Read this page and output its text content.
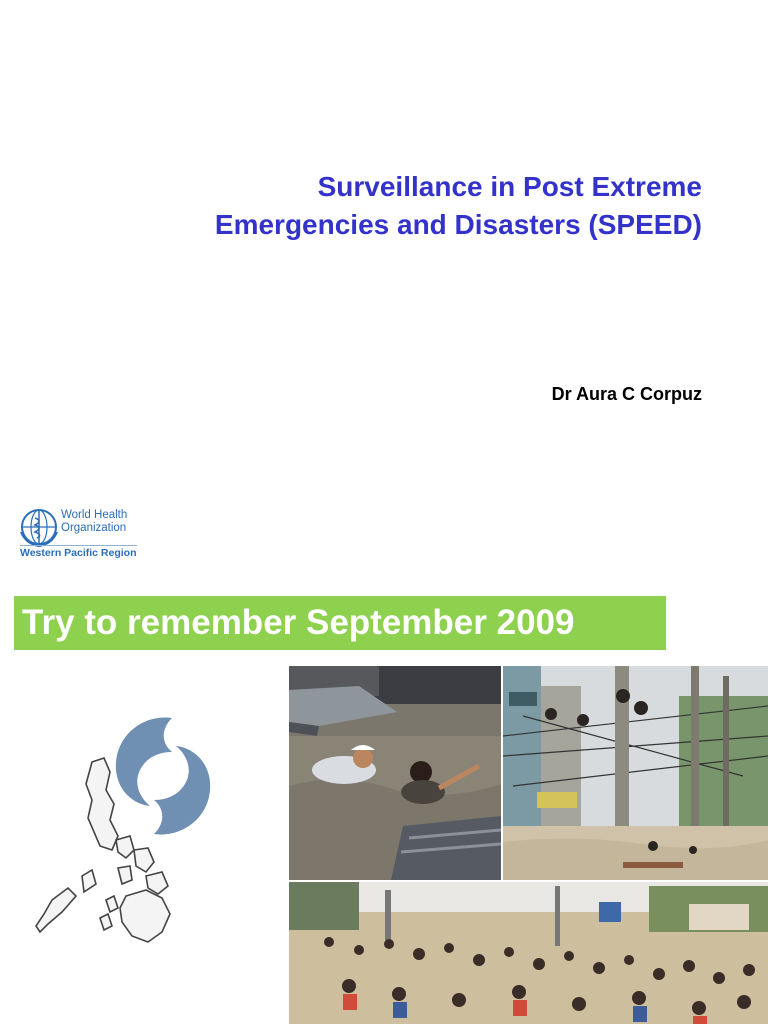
Surveillance in Post Extreme
Emergencies and Disasters (SPEED)
Dr Aura C Corpuz
World Health
Organization
Western Pacific Region
Try to remember September 2009
